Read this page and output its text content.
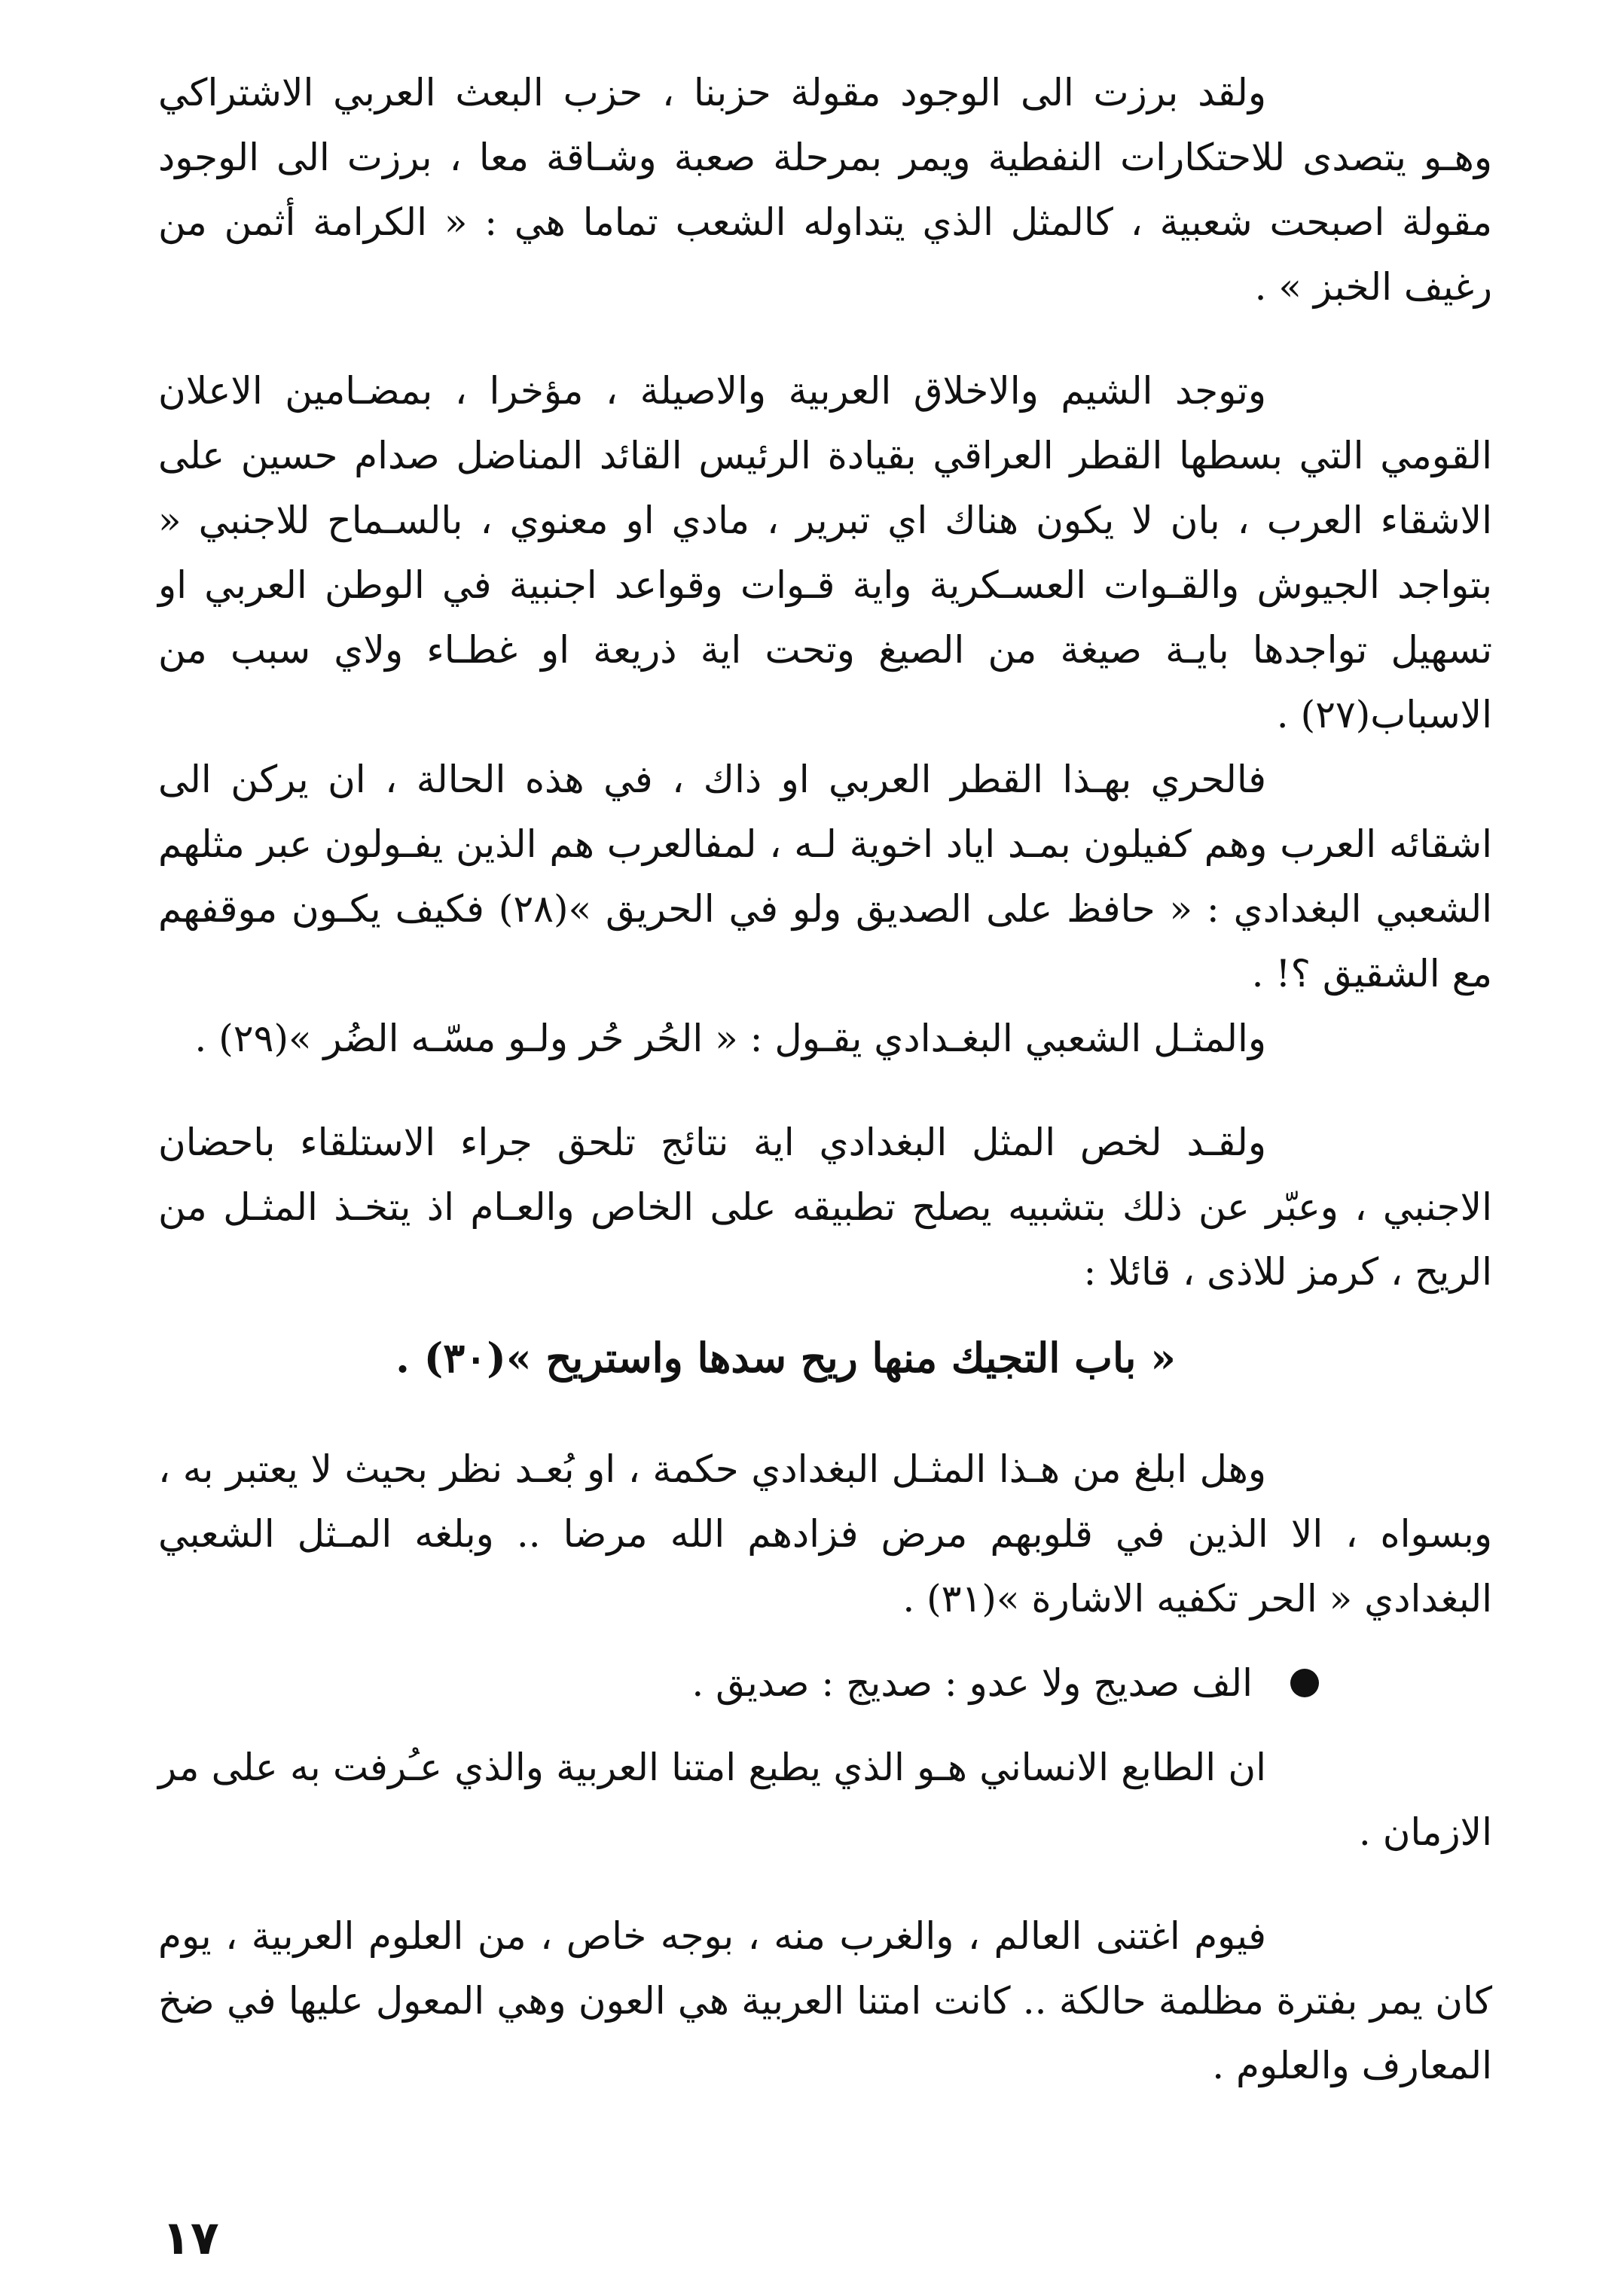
ولقد برزت الى الوجود مقولة حزبنا ، حزب البعث العربي الاشتراكي وهـو يتصدى للاحتكارات النفطية ويمر بمرحلة صعبة وشـاقة معا ، برزت الى الوجود مقولة اصبحت شعبية ، كالمثل الذي يتداوله الشعب تماما هي : « الكرامة أثمن من رغيف الخبز » .

وتوجد الشيم والاخلاق العربية والاصيلة ، مؤخرا ، بمضـامين الاعلان القومي التي بسطها القطر العراقي بقيادة الرئيس القائد المناضل صدام حسين على الاشقاء العرب ، بان لا يكون هناك اي تبرير ، مادي او معنوي ، بالسـماح للاجنبي « بتواجد الجيوش والقـوات العسـكرية واية قـوات وقواعد اجنبية في الوطن العربي او تسهيل تواجدها بايـة صيغة من الصيغ وتحت اية ذريعة او غطـاء ولاي سبب من الاسباب(٢٧) .

فالحري بهـذا القطر العربي او ذاك ، في هذه الحالة ، ان يركن الى اشقائه العرب وهم كفيلون بمـد اياد اخوية لـه ، لمفالعرب هم الذين يفـولون عبر مثلهم الشعبي البغدادي : « حافظ على الصديق ولو في الحريق »(٢٨) فكيف يكـون موقفهم مع الشقيق ؟! .

والمثـل الشعبي البغـدادي يقـول : « الحُر حُر ولـو مسّـه الضُر »(٢٩) .

ولقـد لخص المثل البغدادي اية نتائج تلحق جراء الاستلقاء باحضان الاجنبي ، وعبّر عن ذلك بتشبيه يصلح تطبيقه على الخاص والعـام اذ يتخـذ المثـل من الريح ، كرمز للاذى ، قائلا :

« باب التجيك منها ريح سدها واستريح »(٣٠) .

وهل ابلغ من هـذا المثـل البغدادي حكمة ، او بُعـد نظر بحيث لا يعتبر به ، وبسواه ، الا الذين في قلوبهم مرض فزادهم الله مرضا .. وبلغه المـثل الشعبي البغدادي « الحر تكفيه الاشارة »(٣١) .

الف صديج ولا عدو : صديج : صديق .

ان الطابع الانساني هـو الذي يطبع امتنا العربية والذي عـُرفت به على مر الازمان .

فيوم اغتنى العالم ، والغرب منه ، بوجه خاص ، من العلوم العربية ، يوم كان يمر بفترة مظلمة حالكة .. كانت امتنا العربية هي العون وهي المعول عليها في ضخ المعارف والعلوم .

١٧
